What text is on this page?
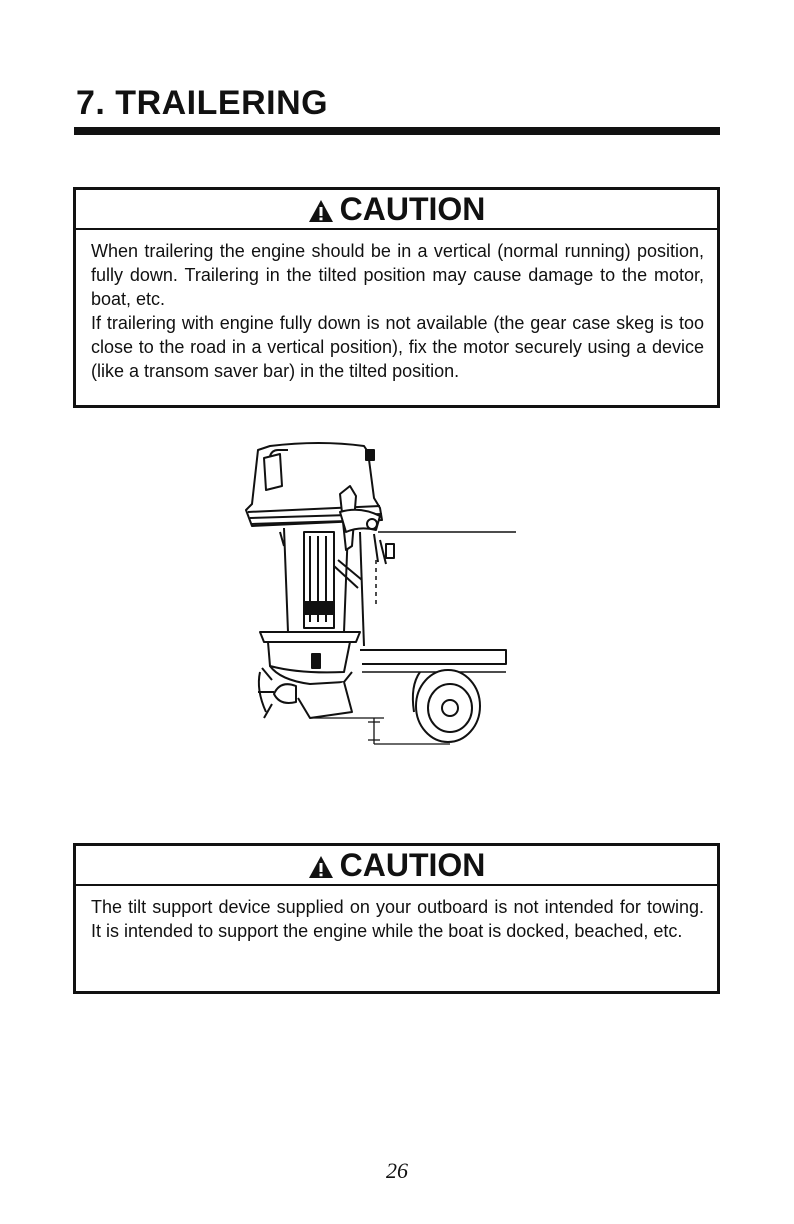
7. TRAILERING
CAUTION

When trailering the engine should be in a vertical (normal running) position, fully down. Trailering in the tilted position may cause damage to the motor, boat, etc.

If trailering with engine fully down is not available (the gear case skeg is too close to the road in a vertical position), fix the motor securely using a device (like a transom saver bar) in the tilted position.

CAUTION

The tilt support device supplied on your outboard is not intended for towing. It is intended to support the engine while the boat is docked, beached, etc.

26
